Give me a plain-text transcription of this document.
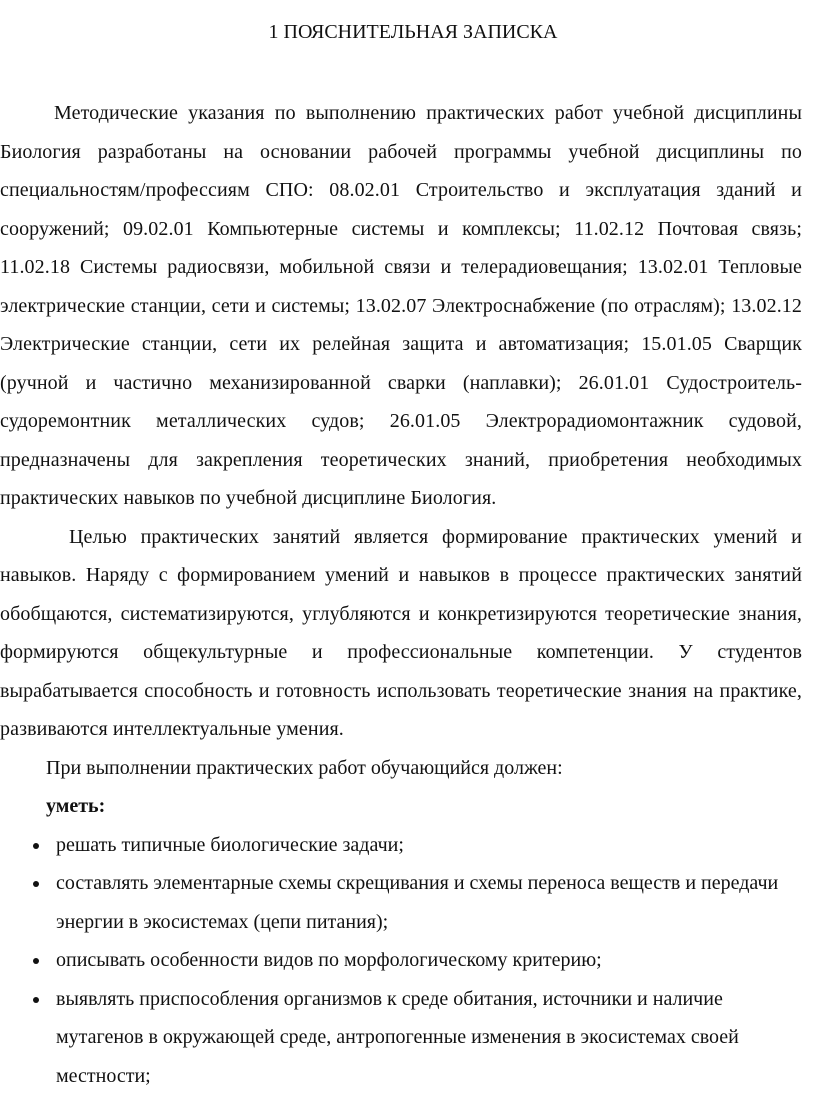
1 ПОЯСНИТЕЛЬНАЯ ЗАПИСКА

Методические указания по выполнению практических работ учебной дисциплины Биология разработаны на основании рабочей программы учебной дисциплины по специальностям/профессиям СПО: 08.02.01 Строительство и эксплуатация зданий и сооружений; 09.02.01 Компьютерные системы и комплексы; 11.02.12 Почтовая связь; 11.02.18 Системы радиосвязи, мобильной связи и телерадиовещания; 13.02.01 Тепловые электрические станции, сети и системы; 13.02.07 Электроснабжение (по отраслям); 13.02.12 Электрические станции, сети их релейная защита и автоматизация; 15.01.05 Сварщик (ручной и частично механизированной сварки (наплавки); 26.01.01 Судостроитель-судоремонтник металлических судов; 26.01.05 Электрорадиомонтажник судовой, предназначены для закрепления теоретических знаний, приобретения необходимых практических навыков по учебной дисциплине Биология.

Целью практических занятий является формирование практических умений и навыков. Наряду с формированием умений и навыков в процессе практических занятий обобщаются, систематизируются, углубляются и конкретизируются теоретические знания, формируются общекультурные и профессиональные компетенции. У студентов вырабатывается способность и готовность использовать теоретические знания на практике, развиваются интеллектуальные умения.

При выполнении практических работ обучающийся должен:

уметь:

решать типичные биологические задачи;
составлять элементарные схемы скрещивания и схемы переноса веществ и передачи энергии в экосистемах (цепи питания);
описывать особенности видов по морфологическому критерию;
выявлять приспособления организмов к среде обитания, источники и наличие мутагенов в окружающей среде, антропогенные изменения в экосистемах своей местности;
